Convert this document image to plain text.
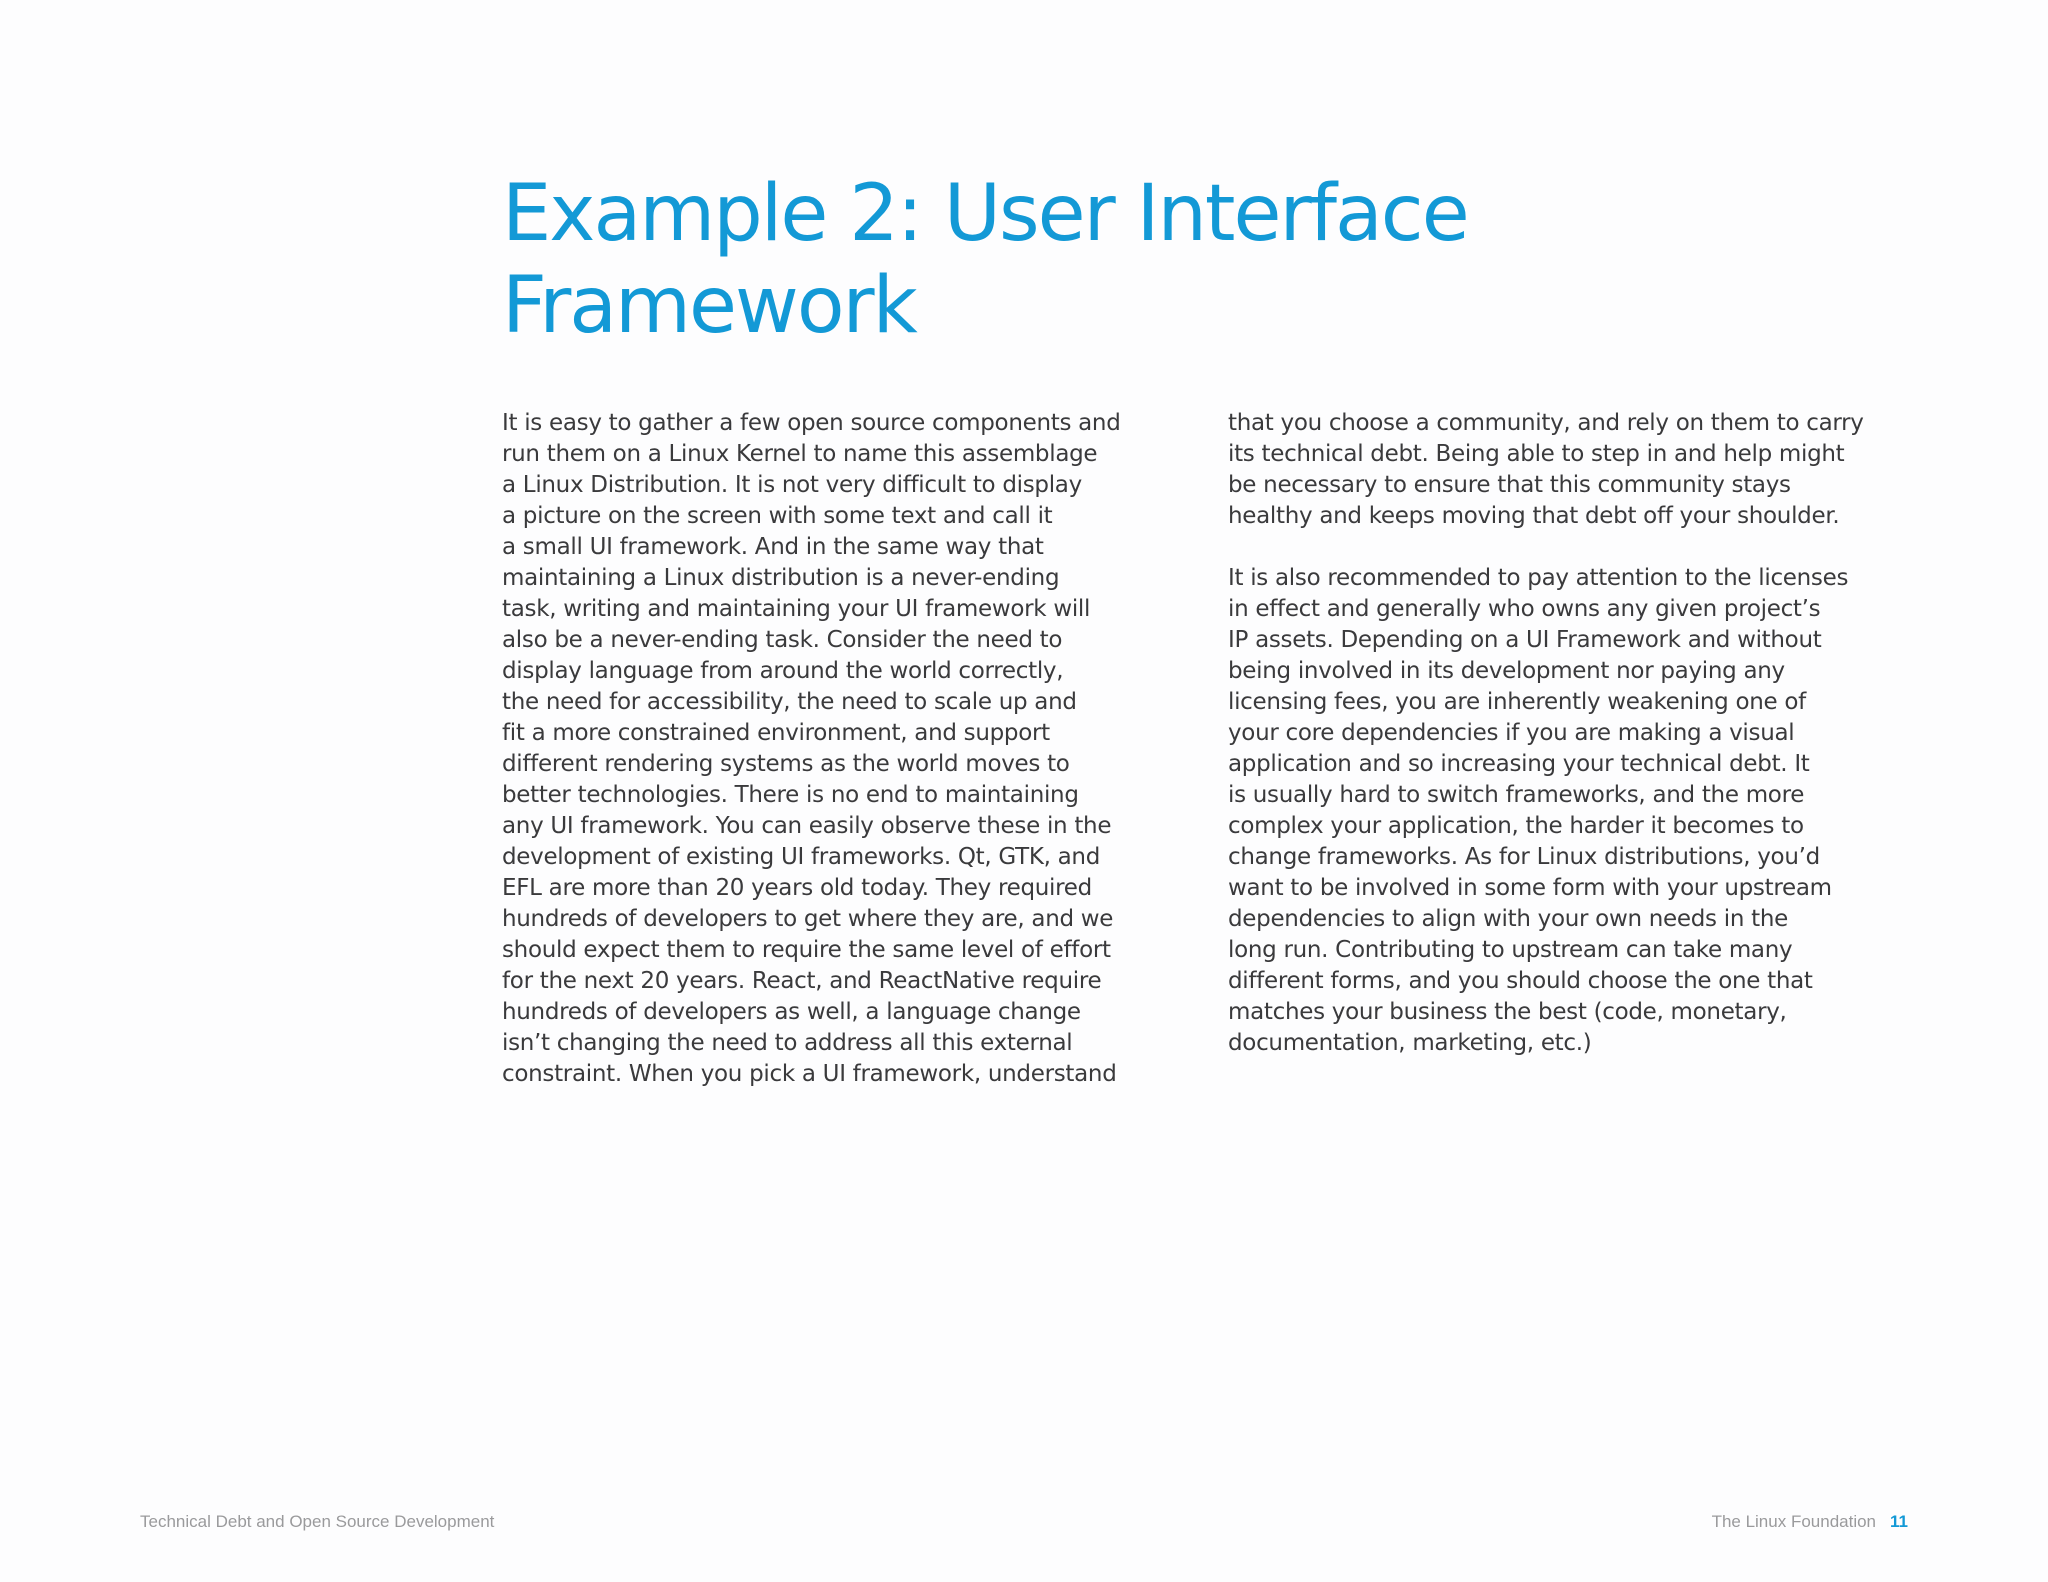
Example 2: User Interface
Framework

It is easy to gather a few open source components and
run them on a Linux Kernel to name this assemblage
a Linux Distribution. It is not very difficult to display
a picture on the screen with some text and call it
a small UI framework. And in the same way that
maintaining a Linux distribution is a never-ending
task, writing and maintaining your UI framework will
also be a never-ending task. Consider the need to
display language from around the world correctly,
the need for accessibility, the need to scale up and
fit a more constrained environment, and support
different rendering systems as the world moves to
better technologies. There is no end to maintaining
any UI framework. You can easily observe these in the
development of existing UI frameworks. Qt, GTK, and
EFL are more than 20 years old today. They required
hundreds of developers to get where they are, and we
should expect them to require the same level of effort
for the next 20 years. React, and ReactNative require
hundreds of developers as well, a language change
isn’t changing the need to address all this external
constraint. When you pick a UI framework, understand

that you choose a community, and rely on them to carry
its technical debt. Being able to step in and help might
be necessary to ensure that this community stays
healthy and keeps moving that debt off your shoulder.

It is also recommended to pay attention to the licenses
in effect and generally who owns any given project’s
IP assets. Depending on a UI Framework and without
being involved in its development nor paying any
licensing fees, you are inherently weakening one of
your core dependencies if you are making a visual
application and so increasing your technical debt. It
is usually hard to switch frameworks, and the more
complex your application, the harder it becomes to
change frameworks. As for Linux distributions, you’d
want to be involved in some form with your upstream
dependencies to align with your own needs in the
long run. Contributing to upstream can take many
different forms, and you should choose the one that
matches your business the best (code, monetary,
documentation, marketing, etc.)

Technical Debt and Open Source Development	The Linux Foundation 11
